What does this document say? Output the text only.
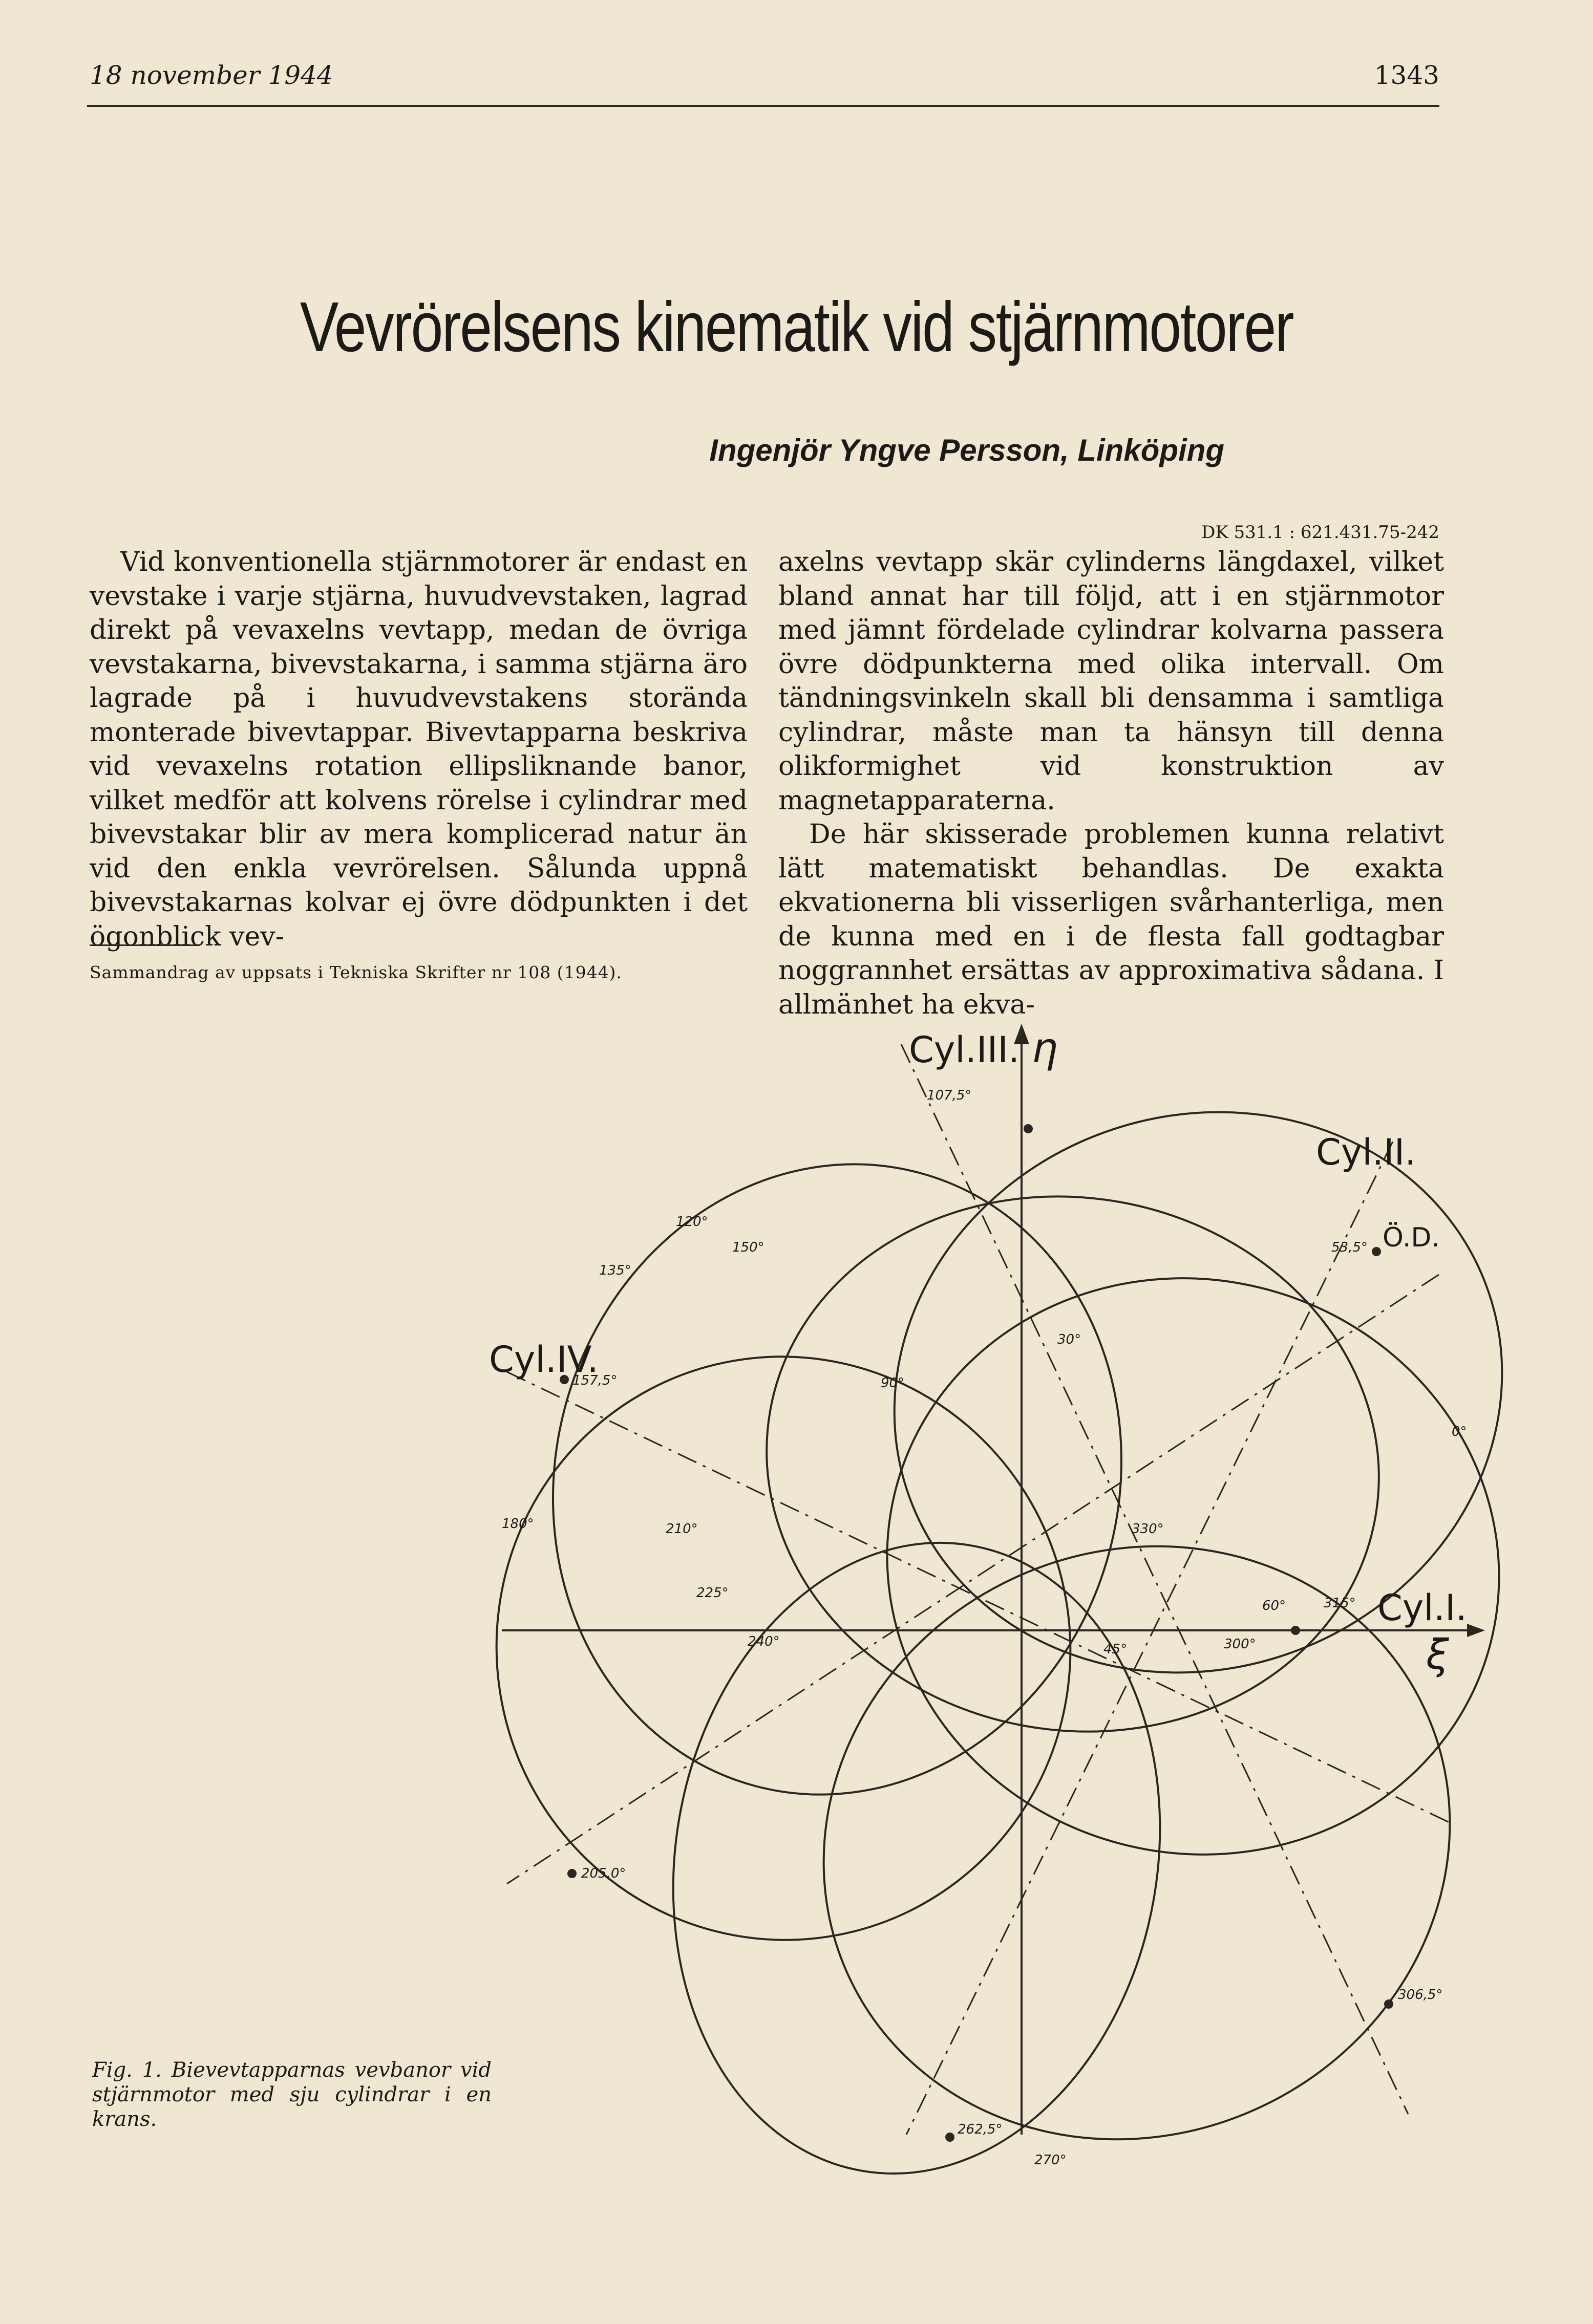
18 november 1944	1343
Vevrörelsens kinematik vid stjärnmotorer
Ingenjör Yngve Persson, Linköping
DK 531.1 : 621.431.75-242

Vid konventionella stjärnmotorer är endast en vevstake i varje stjärna, huvudvevstaken, lagrad direkt på vevaxelns vevtapp, medan de övriga vevstakarna, bivevstakarna, i samma stjärna äro lagrade på i huvudvevstakens storända monterade bivevtappar. Bivevtapparna beskriva vid vevaxelns rotation ellipsliknande banor, vilket medför att kolvens rörelse i cylindrar med bivevstakar blir av mera komplicerad natur än vid den enkla vevrörelsen. Sålunda uppnå bivevstakarnas kolvar ej övre dödpunkten i det ögonblick vev-

Sammandrag av uppsats i Tekniska Skrifter nr 108 (1944).

axelns vevtapp skär cylinderns längdaxel, vilket bland annat har till följd, att i en stjärnmotor med jämnt fördelade cylindrar kolvarna passera övre dödpunkterna med olika intervall. Om tändningsvinkeln skall bli densamma i samtliga cylindrar, måste man ta hänsyn till denna olikformighet vid konstruktion av magnetapparaterna.

De här skisserade problemen kunna relativt lätt matematiskt behandlas. De exakta ekvationerna bli visserligen svårhanterliga, men de kunna med en i de flesta fall godtagbar noggrannhet ersättas av approximativa sådana. I allmänhet ha ekva-

η
ξ
Cyl.I.
Cyl.II.
Cyl.III.
Cyl.IV.
Ö.D.
0°
30°
45°
60°
90°
120°
135°
150°
180°	210°
225°
240°
270°
300°
315°
330°
107,5°
157,5°
205,0°
262,5°
306,5°
53,5°
Fig. 1. Bievevtapparnas vevbanor vid stjärnmotor med sju cylindrar i en krans.
